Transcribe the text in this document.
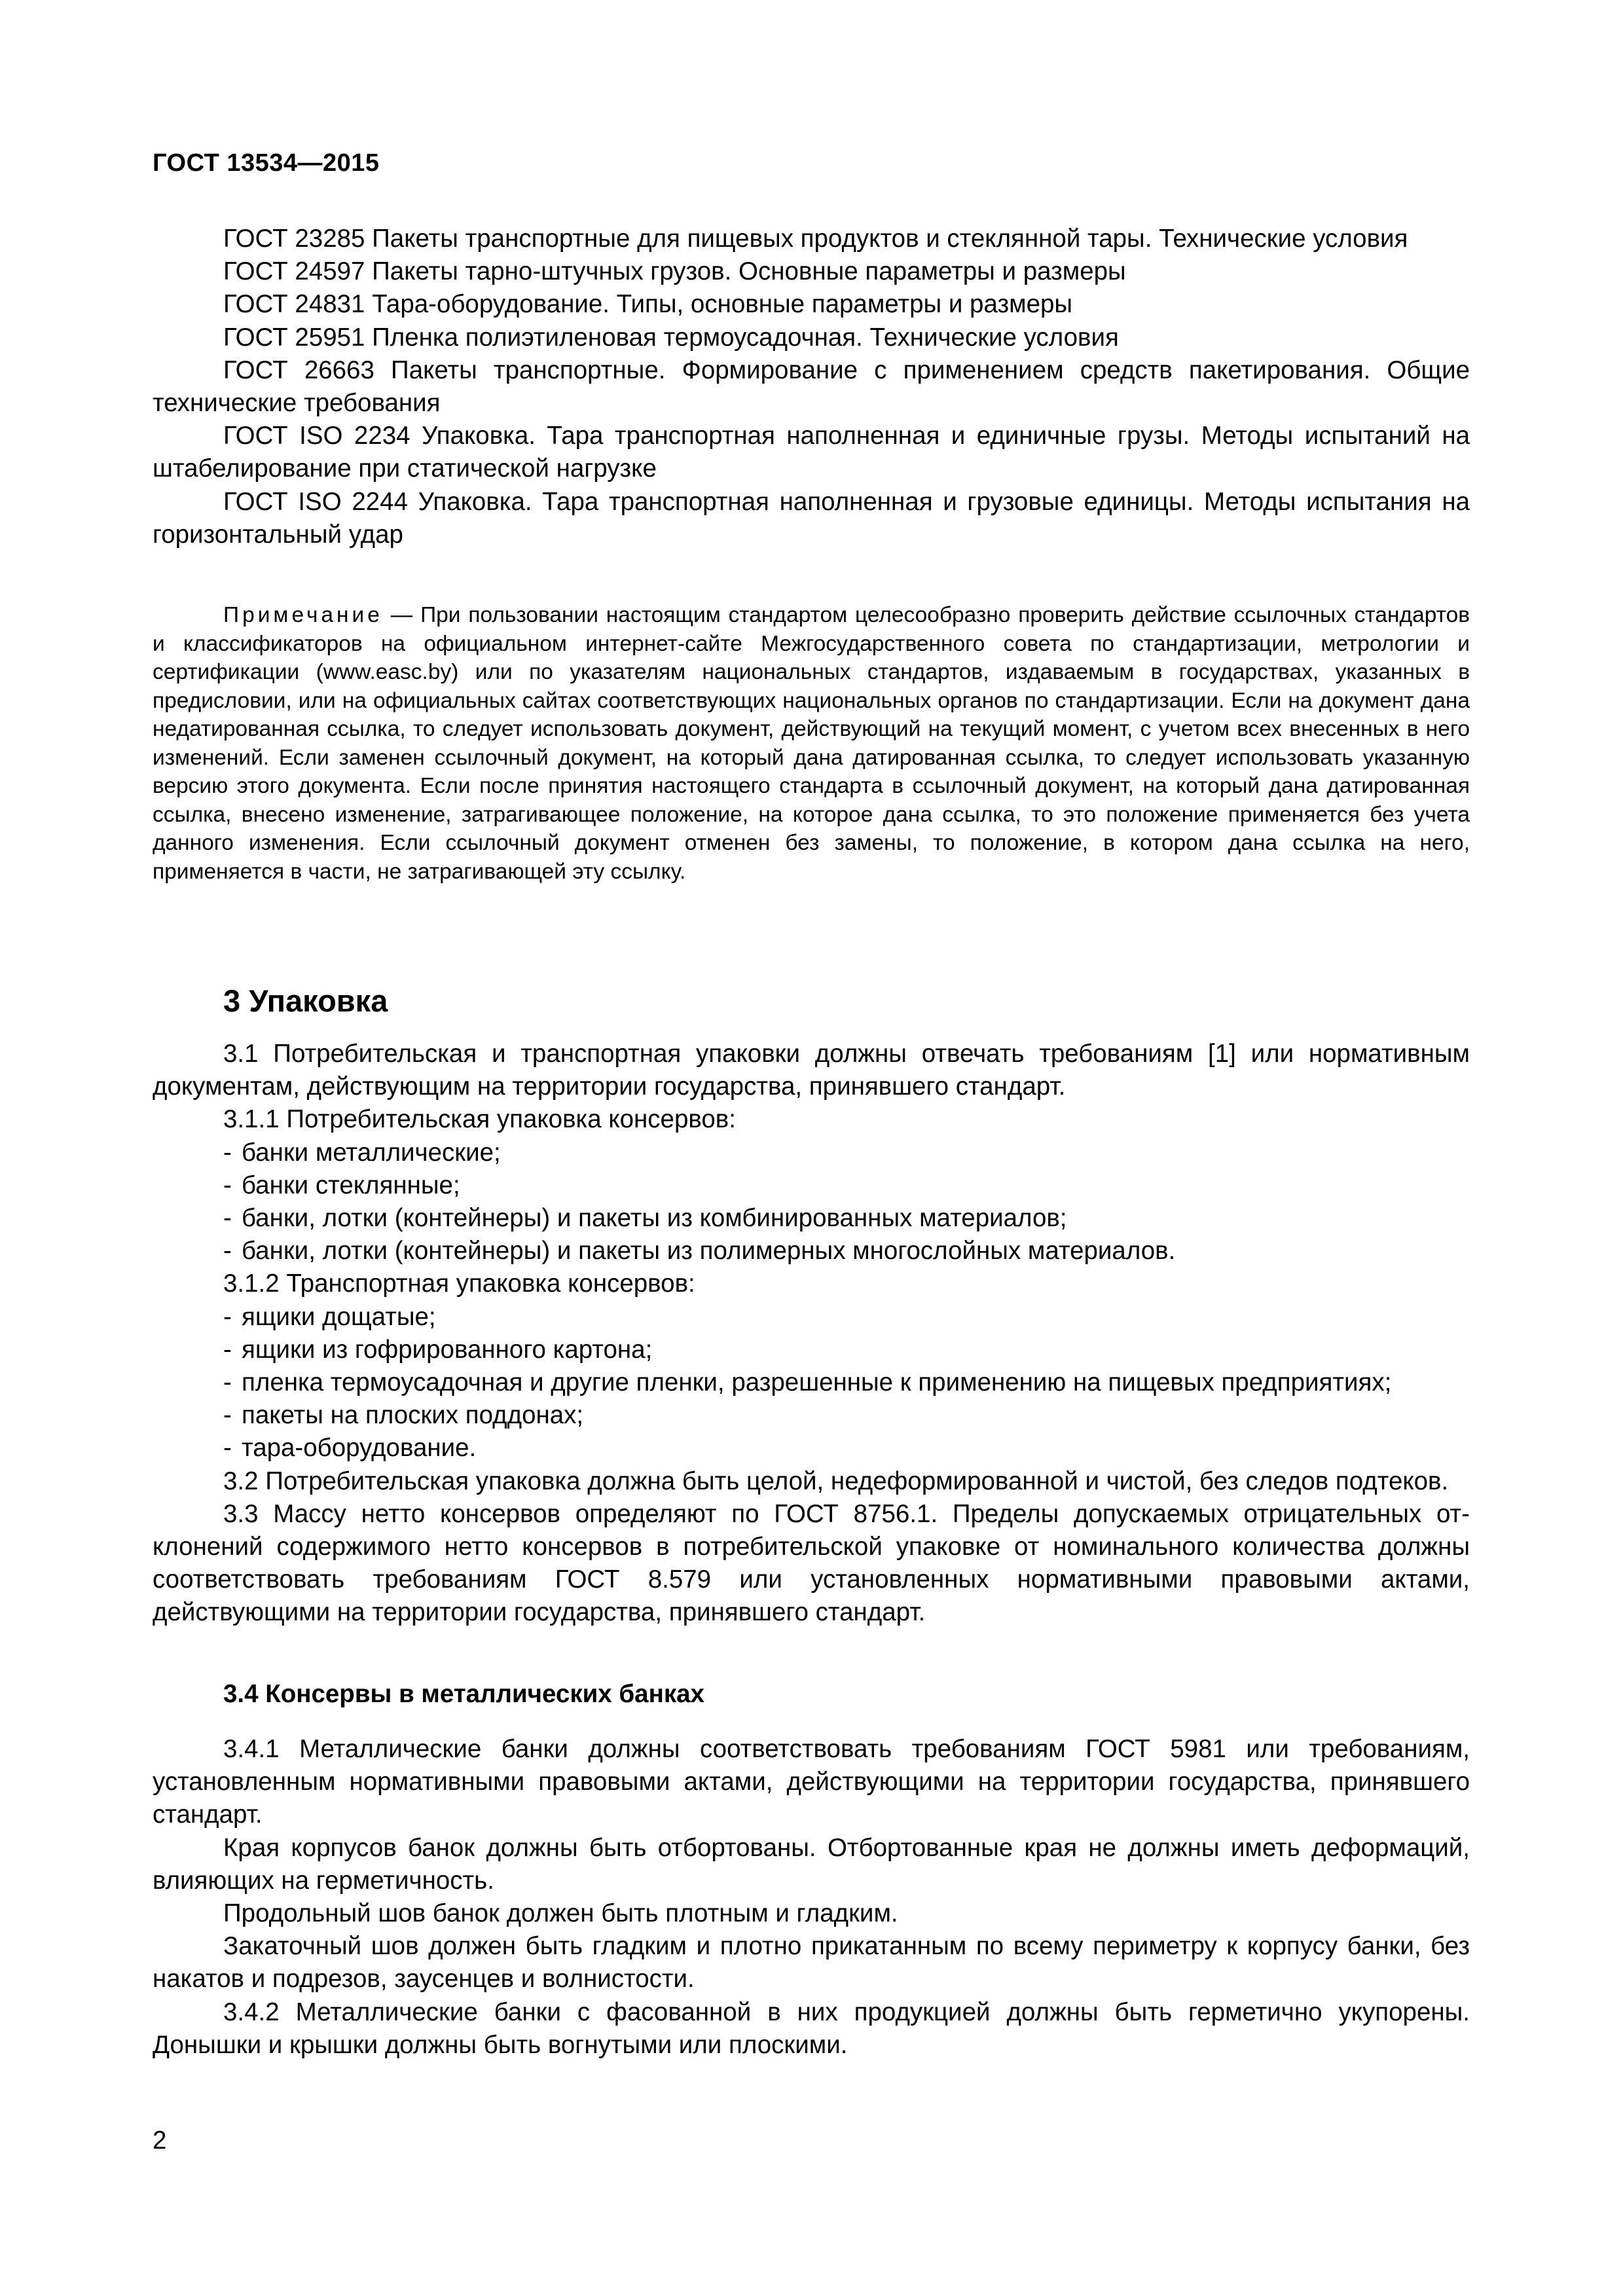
ГОСТ 13534—2015

ГОСТ 23285 Пакеты транспортные для пищевых продуктов и стеклянной тары. Технические условия

ГОСТ 24597 Пакеты тарно-штучных грузов. Основные параметры и размеры

ГОСТ 24831 Тара-оборудование. Типы, основные параметры и размеры

ГОСТ 25951 Пленка полиэтиленовая термоусадочная. Технические условия

ГОСТ 26663 Пакеты транспортные. Формирование с применением средств пакетирования. Общие технические требования

ГОСТ ISO 2234 Упаковка. Тара транспортная наполненная и единичные грузы. Методы испытаний на штабелирование при статической нагрузке

ГОСТ ISO 2244 Упаковка. Тара транспортная наполненная и грузовые единицы. Методы испытания на горизонтальный удар

Примечание — При пользовании настоящим стандартом целесообразно проверить действие ссылочных стандартов и классификаторов на официальном интернет-сайте Межгосударственного совета по стандартизации, метрологии и сертификации (www.easc.by) или по указателям национальных стандартов, издаваемым в государствах, указанных в предисловии, или на официальных сайтах соответствующих национальных органов по стандартизации. Если на документ дана недатированная ссылка, то следует использовать документ, действующий на текущий момент, с учетом всех внесенных в него изменений. Если заменен ссылочный документ, на который дана датированная ссылка, то следует использовать указанную версию этого документа. Если после принятия настоящего стандарта в ссылочный документ, на который дана датированная ссылка, внесено изменение, затрагивающее положение, на которое дана ссылка, то это положение применяется без учета данного изменения. Если ссылочный документ отменен без замены, то положение, в котором дана ссылка на него, применяется в части, не затрагивающей эту ссылку.

3 Упаковка

3.1 Потребительская и транспортная упаковки должны отвечать требованиям [1] или нормативным документам, действующим на территории государства, принявшего стандарт.

3.1.1 Потребительская упаковка консервов:

- банки металлические;

- банки стеклянные;

- банки, лотки (контейнеры) и пакеты из комбинированных материалов;

- банки, лотки (контейнеры) и пакеты из полимерных многослойных материалов.

3.1.2 Транспортная упаковка консервов:

- ящики дощатые;

- ящики из гофрированного картона;

- пленка термоусадочная и другие пленки, разрешенные к применению на пищевых предприятиях;

- пакеты на плоских поддонах;

- тара-оборудование.

3.2 Потребительская упаковка должна быть целой, недеформированной и чистой, без следов подтеков.

3.3 Массу нетто консервов определяют по ГОСТ 8756.1. Пределы допускаемых отрицательных отклонений содержимого нетто консервов в потребительской упаковке от номинального количества должны соответствовать требованиям ГОСТ 8.579 или установленных нормативными правовыми актами, действующими на территории государства, принявшего стандарт.

3.4 Консервы в металлических банках

3.4.1 Металлические банки должны соответствовать требованиям ГОСТ 5981 или требованиям, установленным нормативными правовыми актами, действующими на территории государства, принявшего стандарт.

Края корпусов банок должны быть отбортованы. Отбортованные края не должны иметь деформаций, влияющих на герметичность.

Продольный шов банок должен быть плотным и гладким.

Закаточный шов должен быть гладким и плотно прикатанным по всему периметру к корпусу банки, без накатов и подрезов, заусенцев и волнистости.

3.4.2 Металлические банки с фасованной в них продукцией должны быть герметично укупорены. Донышки и крышки должны быть вогнутыми или плоскими.

2
